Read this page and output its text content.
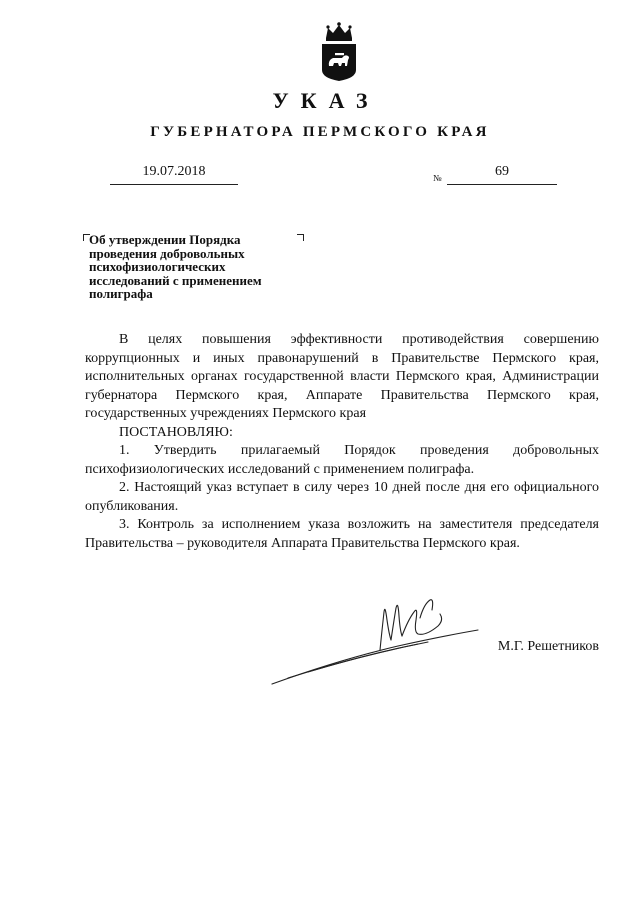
УКАЗ
ГУБЕРНАТОРА ПЕРМСКОГО КРАЯ
19.07.2018	№	69
Об утверждении Порядка проведения добровольных психофизиологических исследований с применением полиграфа

В целях повышения эффективности противодействия совершению коррупционных и иных правонарушений в Правительстве Пермского края, исполнительных органах государственной власти Пермского края, Администрации губернатора Пермского края, Аппарате Правительства Пермского края, государственных учреждениях Пермского края

ПОСТАНОВЛЯЮ:

1. Утвердить прилагаемый Порядок проведения добровольных психофизиологических исследований с применением полиграфа.

2. Настоящий указ вступает в силу через 10 дней после дня его официального опубликования.

3. Контроль за исполнением указа возложить на заместителя председателя Правительства – руководителя Аппарата Правительства Пермского края.

М.Г. Решетников
